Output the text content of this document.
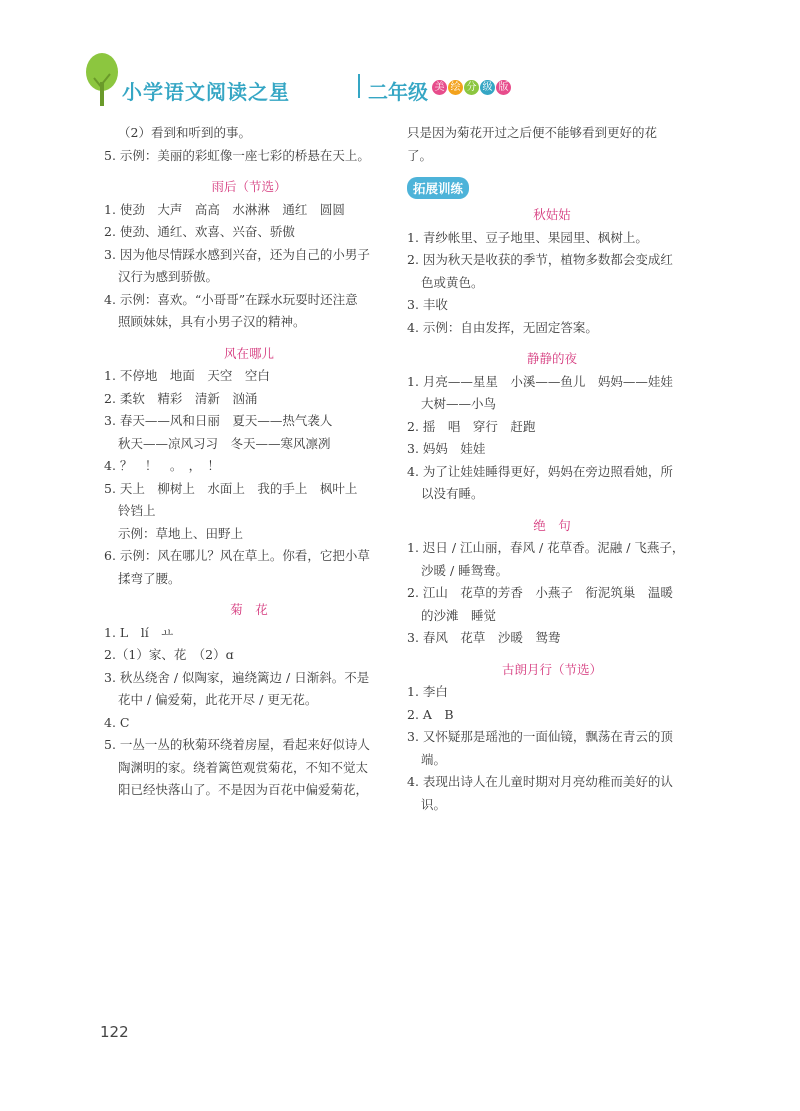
小学语文阅读之星	二年级 美 绘 分 级 版
（2）看到和听到的事。
5. 示例：美丽的彩虹像一座七彩的桥悬在天上。
雨后（节选）
1. 使劲　大声　高高　水淋淋　通红　圆圆
2. 使劲、通红、欢喜、兴奋、骄傲
3. 因为他尽情踩水感到兴奋，还为自己的小男子
汉行为感到骄傲。
4. 示例：喜欢。“小哥哥”在踩水玩耍时还注意
照顾妹妹，具有小男子汉的精神。
风在哪儿
1. 不停地　地面　天空　空白
2. 柔软　精彩　清新　汹涌
3. 春天——风和日丽　夏天——热气袭人
秋天——凉风习习　冬天——寒风凛冽
4. ？　！　。　，　！
5. 天上　柳树上　水面上　我的手上　枫叶上
铃铛上
示例：草地上、田野上
6. 示例：风在哪儿？风在草上。你看，它把小草
揉弯了腰。
菊　花
1. L　lí　ㅛ
2.（1）家、花　（2）ɑ
3. 秋丛绕舍 / 似陶家，遍绕篱边 / 日渐斜。不是
花中 / 偏爱菊，此花开尽 / 更无花。
4. C
5. 一丛一丛的秋菊环绕着房屋，看起来好似诗人
陶渊明的家。绕着篱笆观赏菊花，不知不觉太
阳已经快落山了。不是因为百花中偏爱菊花，
只是因为菊花开过之后便不能够看到更好的花
了。
拓展训练
秋姑姑
1. 青纱帐里、豆子地里、果园里、枫树上。
2. 因为秋天是收获的季节，植物多数都会变成红
色或黄色。
3. 丰收
4. 示例：自由发挥，无固定答案。
静静的夜
1. 月亮——星星　小溪——鱼儿　妈妈——娃娃
大树——小鸟
2. 摇　唱　穿行　赶跑
3. 妈妈　娃娃
4. 为了让娃娃睡得更好，妈妈在旁边照看她，所
以没有睡。
绝　句
1. 迟日 / 江山丽，春风 / 花草香。泥融 / 飞燕子，
沙暖 / 睡鸳鸯。
2. 江山　花草的芳香　小燕子　衔泥筑巢　温暖
的沙滩　睡觉
3. 春风　花草　沙暖　鸳鸯
古朗月行（节选）
1. 李白
2. A　B
3. 又怀疑那是瑶池的一面仙镜，飘荡在青云的顶
端。
4. 表现出诗人在儿童时期对月亮幼稚而美好的认
识。
122
